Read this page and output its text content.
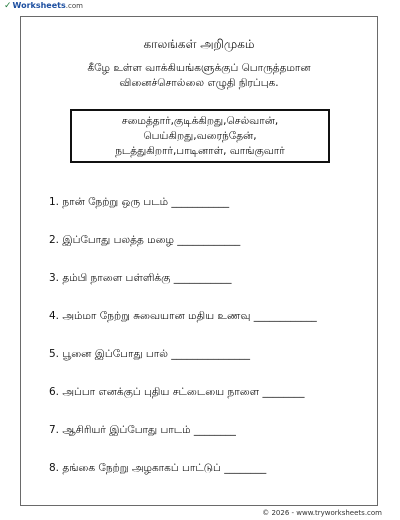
✓ Worksheets .com
காலங்கள் அறிமுகம்
கீழே உள்ள வாக்கியங்களுக்குப் பொருத்தமான
வினைச்சொல்லை எழுதி நிரப்புக.
சமைத்தார்,குடிக்கிறது,செல்வான்,
பெய்கிறது,வரைந்தேன்,
நடத்துகிறார்,பாடினாள், வாங்குவார்
1. நான் நேற்று ஒரு படம் ___________
2. இப்போது பலத்த மழை ____________
3. தம்பி நாளை பள்ளிக்கு ___________
4. அம்மா நேற்று சுவையான மதிய உணவு ____________
5. பூனை இப்போது பால் _______________
6. அப்பா எனக்குப் புதிய சட்டையை நாளை ________
7. ஆசிரியர் இப்போது பாடம் ________
8. தங்கை நேற்று அழகாகப் பாட்டுப் ________
© 2026 - www.tryworksheets.com
